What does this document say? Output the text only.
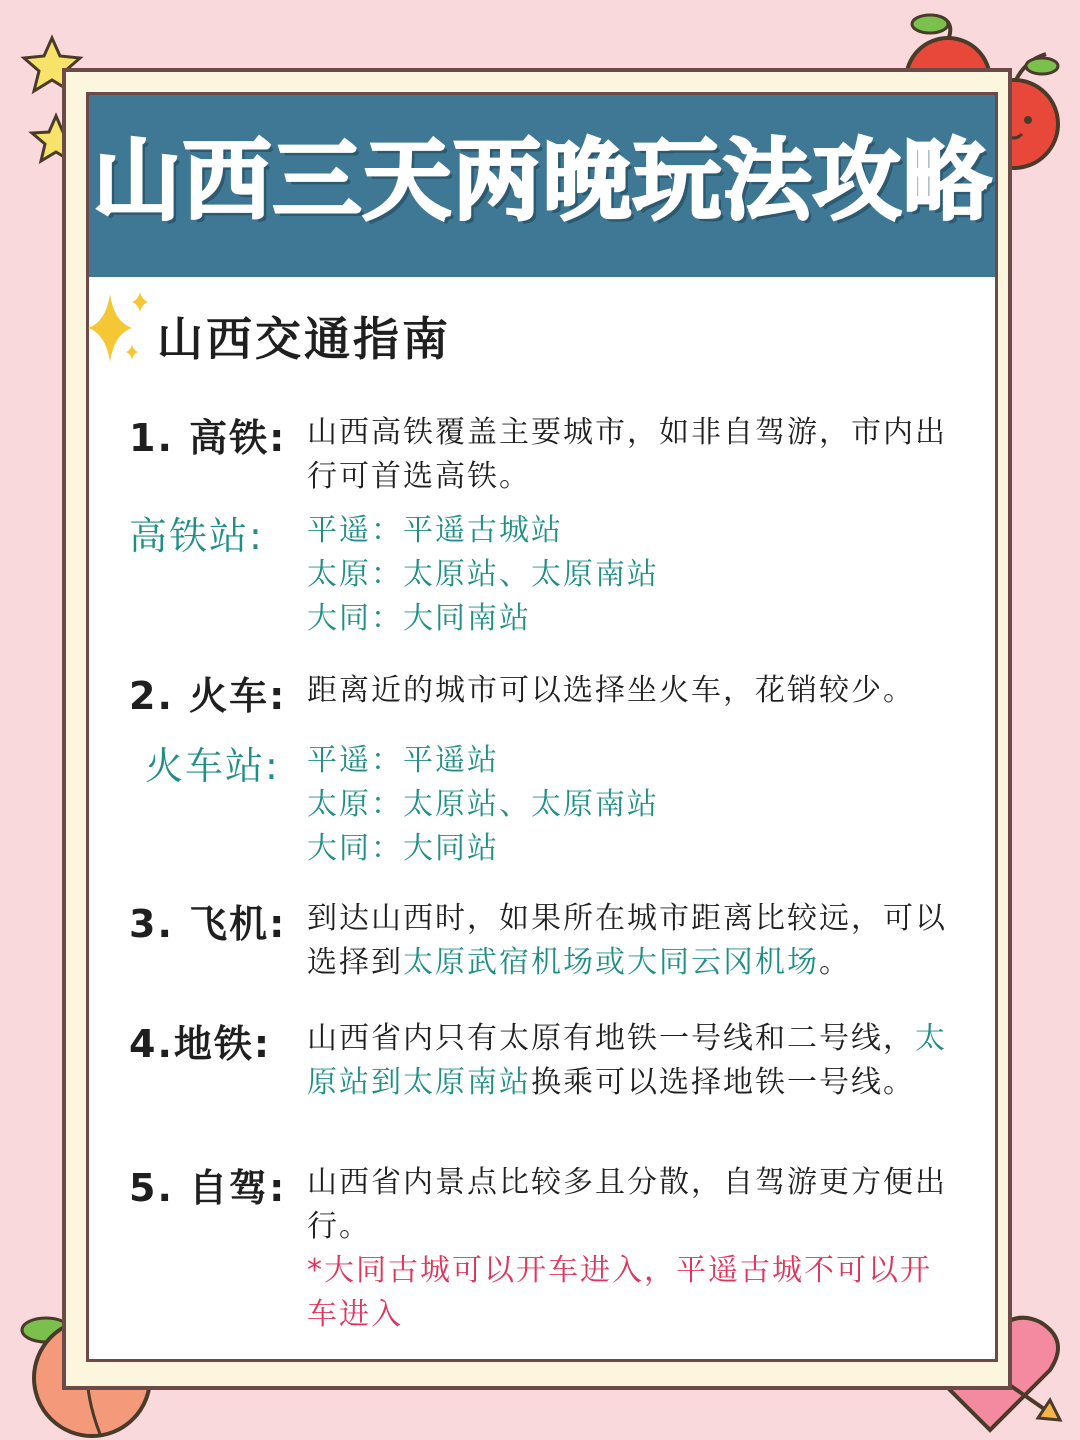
山西三天两晚玩法攻略
山西交通指南
1. 高铁: 山西高铁覆盖主要城市，如非自驾游，市内出行可首选高铁。
高铁站: 平遥：平遥古城站
太原：太原站、太原南站
大同：大同南站
2. 火车: 距离近的城市可以选择坐火车，花销较少。
火车站: 平遥：平遥站
太原：太原站、太原南站
大同：大同站
3. 飞机: 到达山西时，如果所在城市距离比较远，可以选择到太原武宿机场或大同云冈机场。
4.地铁: 山西省内只有太原有地铁一号线和二号线，太原站到太原南站换乘可以选择地铁一号线。
5. 自驾: 山西省内景点比较多且分散，自驾游更方便出行。
*大同古城可以开车进入，平遥古城不可以开车进入
